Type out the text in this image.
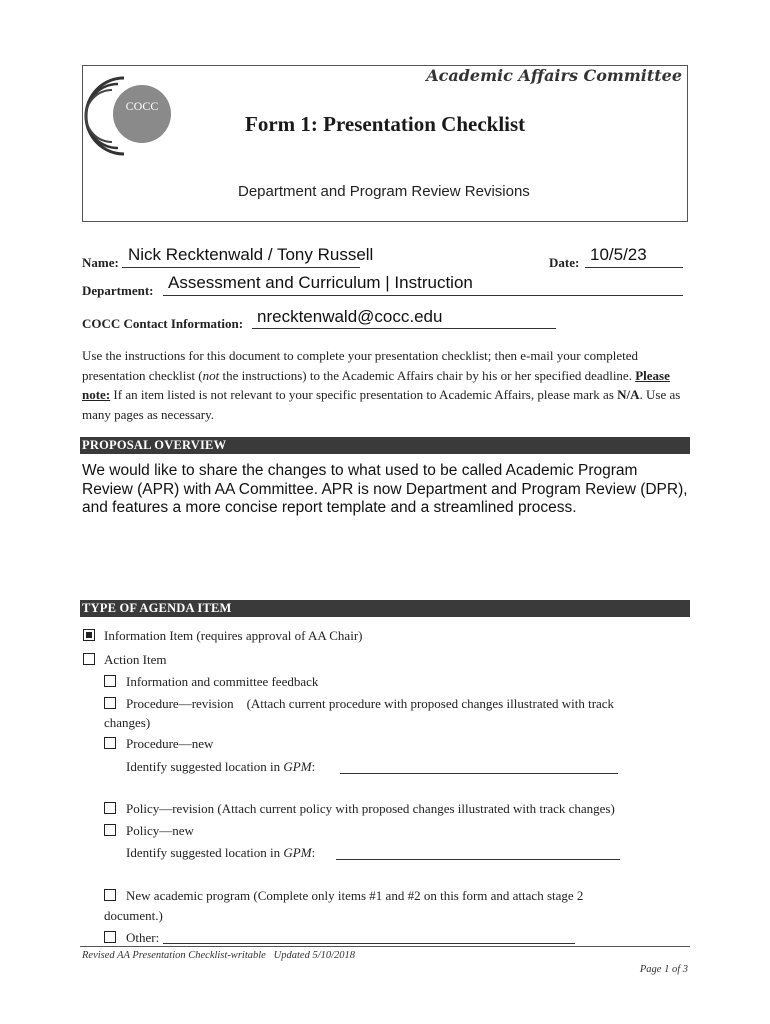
COCC
Academic Affairs Committee
Form 1: Presentation Checklist
Department and Program Review Revisions
Name: Nick Recktenwald / Tony Russell	Date: 10/5/23
Department: Assessment and Curriculum | Instruction
COCC Contact Information: nrecktenwald@cocc.edu
Use the instructions for this document to complete your presentation checklist; then e-mail your completed presentation checklist (not the instructions) to the Academic Affairs chair by his or her specified deadline. Please note: If an item listed is not relevant to your specific presentation to Academic Affairs, please mark as N/A. Use as many pages as necessary.
PROPOSAL OVERVIEW
We would like to share the changes to what used to be called Academic Program Review (APR) with AA Committee. APR is now Department and Program Review (DPR), and features a more concise report template and a streamlined process.
TYPE OF AGENDA ITEM
Information Item (requires approval of AA Chair)
Action Item
Information and committee feedback
Procedure—revision    (Attach current procedure with proposed changes illustrated with track
changes)
Procedure—new
Identify suggested location in GPM:
Policy—revision (Attach current policy with proposed changes illustrated with track changes)
Policy—new
Identify suggested location in GPM:
New academic program (Complete only items #1 and #2 on this form and attach stage 2
document.)
Other:
Revised AA Presentation Checklist-writable   Updated 5/10/2018
Page 1 of 3
